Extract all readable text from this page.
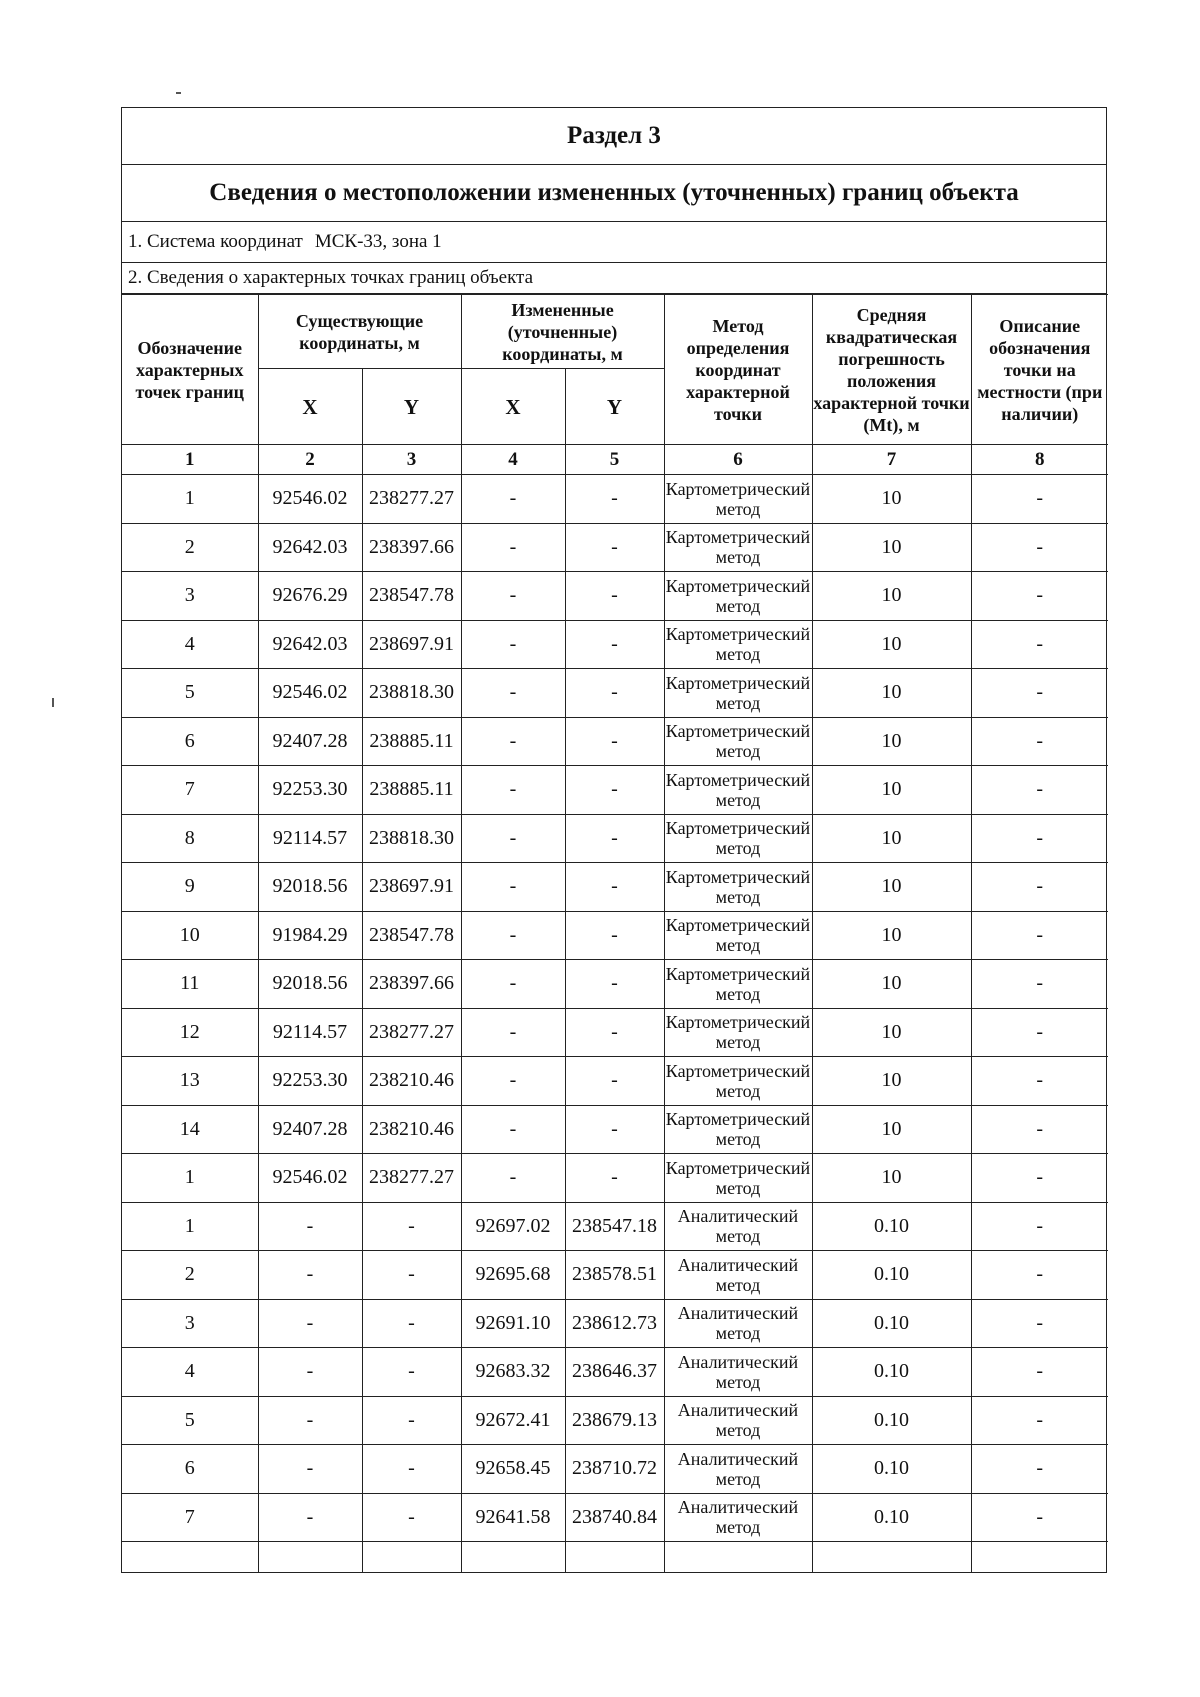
Раздел 3
Сведения о местоположении измененных (уточненных) границ объекта
1. Система координат МСК-33, зона 1
2. Сведения о характерных точках границ объекта
Обозначение характерных точек границ	Существующие координаты, м		Измененные (уточненные) координаты, м		Метод определения координат характерной точки	Средняя квадратическая погрешность положения характерной точки (Mt), м	Описание обозначения точки на местности (при наличии)
	X	Y	X	Y			
1	2	3	4	5	6	7	8
1	92546.02	238277.27	-	-	Картометрический метод	10	-
2	92642.03	238397.66	-	-	Картометрический метод	10	-
3	92676.29	238547.78	-	-	Картометрический метод	10	-
4	92642.03	238697.91	-	-	Картометрический метод	10	-
5	92546.02	238818.30	-	-	Картометрический метод	10	-
6	92407.28	238885.11	-	-	Картометрический метод	10	-
7	92253.30	238885.11	-	-	Картометрический метод	10	-
8	92114.57	238818.30	-	-	Картометрический метод	10	-
9	92018.56	238697.91	-	-	Картометрический метод	10	-
10	91984.29	238547.78	-	-	Картометрический метод	10	-
11	92018.56	238397.66	-	-	Картометрический метод	10	-
12	92114.57	238277.27	-	-	Картометрический метод	10	-
13	92253.30	238210.46	-	-	Картометрический метод	10	-
14	92407.28	238210.46	-	-	Картометрический метод	10	-
1	92546.02	238277.27	-	-	Картометрический метод	10	-
1	-	-	92697.02	238547.18	Аналитический метод	0.10	-
2	-	-	92695.68	238578.51	Аналитический метод	0.10	-
3	-	-	92691.10	238612.73	Аналитический метод	0.10	-
4	-	-	92683.32	238646.37	Аналитический метод	0.10	-
5	-	-	92672.41	238679.13	Аналитический метод	0.10	-
6	-	-	92658.45	238710.72	Аналитический метод	0.10	-
7	-	-	92641.58	238740.84	Аналитический метод	0.10	-
